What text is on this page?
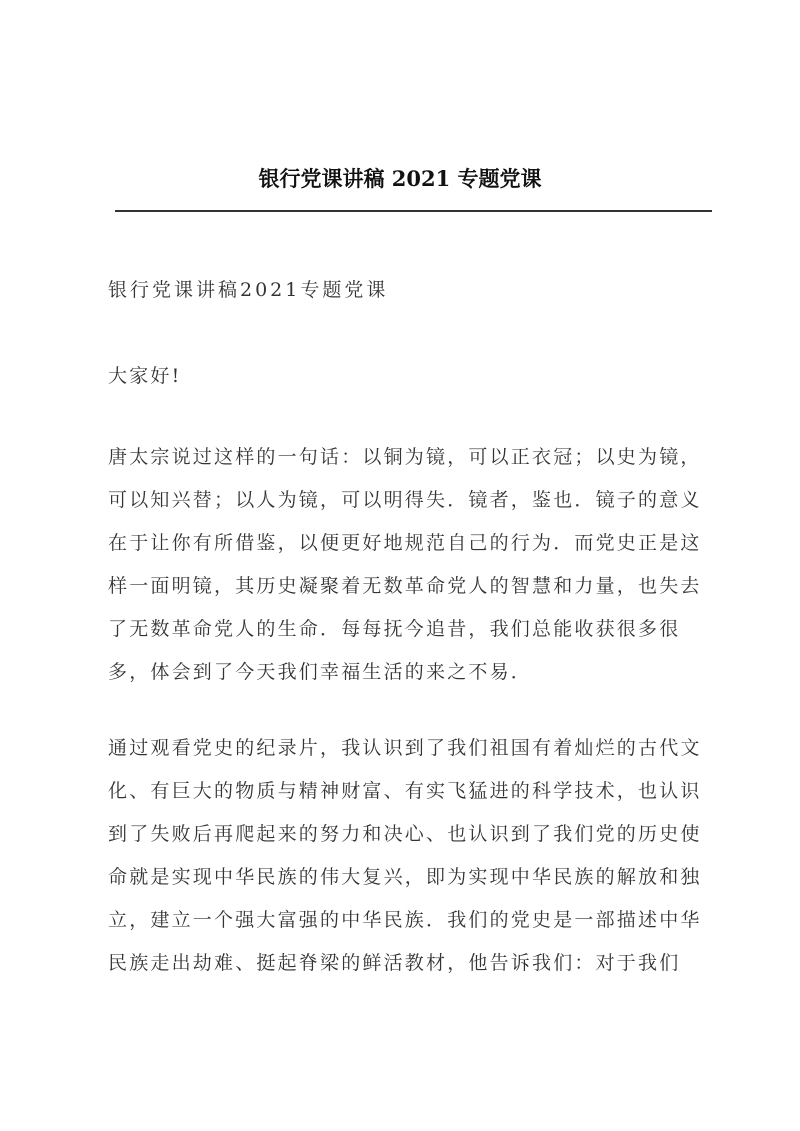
银行党课讲稿 2021 专题党课
银行党课讲稿2021专题党课
大家好!
唐太宗说过这样的一句话：以铜为镜，可以正衣冠；以史为镜，
可以知兴替；以人为镜，可以明得失．镜者，鉴也．镜子的意义
在于让你有所借鉴，以便更好地规范自己的行为．而党史正是这
样一面明镜，其历史凝聚着无数革命党人的智慧和力量，也失去
了无数革命党人的生命．每每抚今追昔，我们总能收获很多很
多，体会到了今天我们幸福生活的来之不易．
通过观看党史的纪录片，我认识到了我们祖国有着灿烂的古代文
化、有巨大的物质与精神财富、有实飞猛进的科学技术，也认识
到了失败后再爬起来的努力和决心、也认识到了我们党的历史使
命就是实现中华民族的伟大复兴，即为实现中华民族的解放和独
立，建立一个强大富强的中华民族．我们的党史是一部描述中华
民族走出劫难、挺起脊梁的鲜活教材，他告诉我们：对于我们
